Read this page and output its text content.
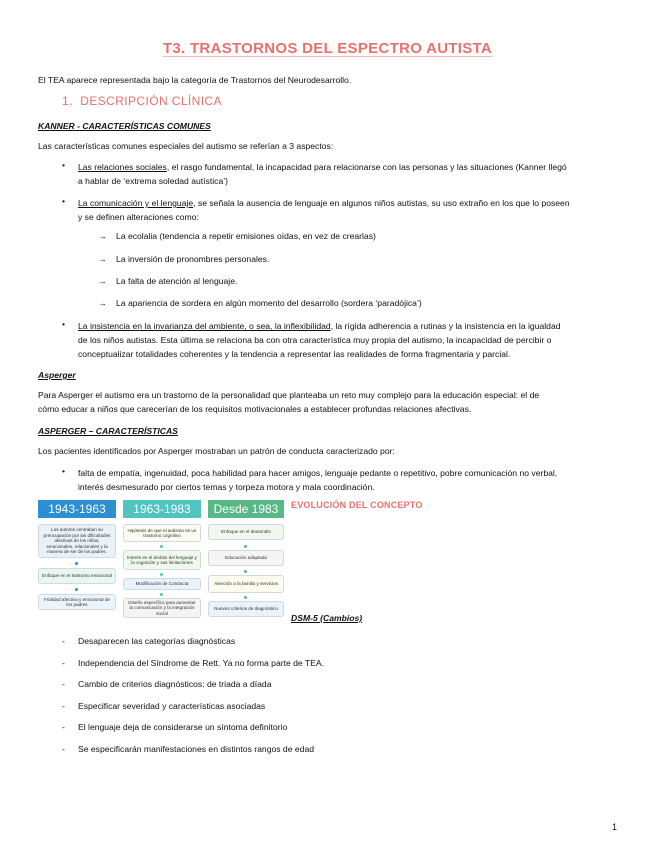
T3. TRASTORNOS DEL ESPECTRO AUTISTA
El TEA aparece representada bajo la categoría de Trastornos del Neurodesarrollo.
1. DESCRIPCIÓN CLÍNICA
KANNER - CARACTERÍSTICAS COMUNES
Las características comunes especiales del autismo se referían a 3 aspectos:
•	Las relaciones sociales, el rasgo fundamental, la incapacidad para relacionarse con las personas y las situaciones (Kanner llegó
a hablar de ‘extrema soledad autística’)
•	La comunicación y el lenguaje, se señala la ausencia de lenguaje en algunos niños autistas, su uso extraño en los que lo poseen
y se definen alteraciones como:
→ La ecolalia (tendencia a repetir emisiones oídas, en vez de crearlas)
→ La inversión de pronombres personales.
→ La falta de atención al lenguaje.
→ La apariencia de sordera en algún momento del desarrollo (sordera ‘paradójica’)
•	La insistencia en la invarianza del ambiente, o sea, la inflexibilidad, la rígida adherencia a rutinas y la insistencia en la igualdad
de los niños autistas. Esta última se relaciona ba con otra característica muy propia del autismo, la incapacidad de percibir o
conceptualizar totalidades coherentes y la tendencia a representar las realidades de forma fragmentaria y parcial.
Asperger
Para Asperger el autismo era un trastorno de la personalidad que planteaba un reto muy complejo para la educación especial: el de
cómo educar a niños que carecerían de los requisitos motivacionales a establecer profundas relaciones afectivas.
ASPERGER – CARACTERÍSTICAS
Los pacientes identificados por Asperger mostraban un patrón de conducta caracterizado por:
•	falta de empatía, ingenuidad, poca habilidad para hacer amigos, lenguaje pedante o repetitivo, pobre comunicación no verbal,
interés desmesurado por ciertos temas y torpeza motora y mala coordinación.
1943-1963
Los autores centraban su preocupación por las dificultades afectivas de los niños, emocionales, relacionales y la manera de ser de los padres.
Enfoque en el trastorno emocional
Frialdad afectiva y emocional de los padres
1963-1983
Hipótesis de que el autismo es un trastorno cognitivo
Interés en el ámbito del lenguaje y la cognición y sus limitaciones
Modificación de Conducta
Diseño específico para aumentar la comunicación y la integración social
Desde 1983
Enfoque en el desarrollo
Educación adaptada
Atención a la familia y servicios
Nuevos criterios de diagnóstico
EVOLUCIÓN DEL CONCEPTO
DSM-5 (Cambios)
- Desaparecen las categorías diagnósticas
- Independencia del Síndrome de Rett. Ya no forma parte de TEA.
- Cambio de criterios diagnósticos: de triada a díada
- Especificar severidad y características asociadas
- El lenguaje deja de considerarse un síntoma definitorio
- Se especificarán manifestaciones en distintos rangos de edad
1
